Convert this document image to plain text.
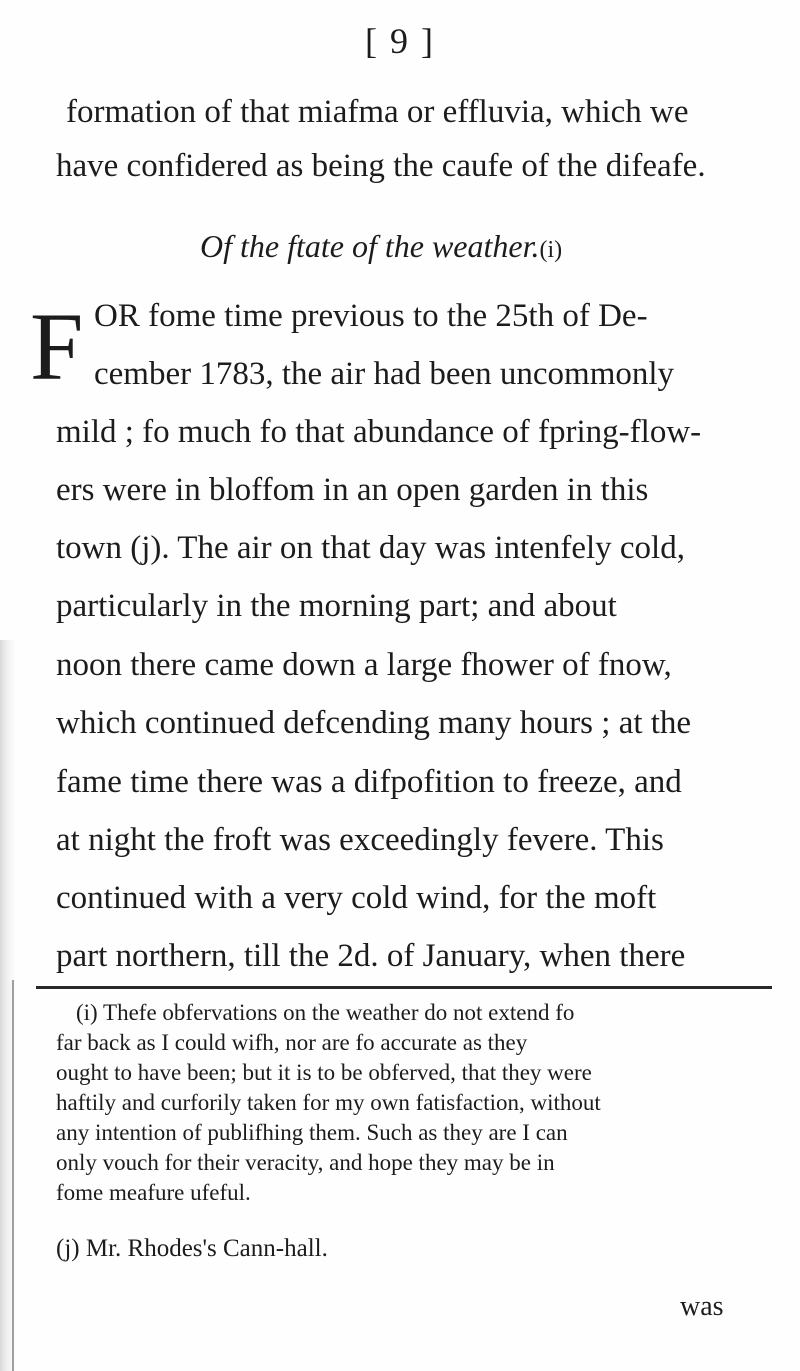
[ 9 ]
formation of that miafma or effluvia, which we
have confidered as being the caufe of the difeafe.
Of the ftate of the weather.(i)
F OR fome time previous to the 25th of De-
cember 1783, the air had been uncommonly
mild ; fo much fo that abundance of fpring-flow-
ers were in bloffom in an open garden in this
town (j). The air on that day was intenfely cold,
particularly in the morning part; and about
noon there came down a large fhower of fnow,
which continued defcending many hours ; at the
fame time there was a difpofition to freeze, and
at night the froft was exceedingly fevere. This
continued with a very cold wind, for the moft
part northern, till the 2d. of January, when there
(i) Thefe obfervations on the weather do not extend fo
far back as I could wifh, nor are fo accurate as they
ought to have been; but it is to be obferved, that they were
haftily and curforily taken for my own fatisfaction, without
any intention of publifhing them. Such as they are I can
only vouch for their veracity, and hope they may be in
fome meafure ufeful.
(j) Mr. Rhodes's Cann-hall.
was
